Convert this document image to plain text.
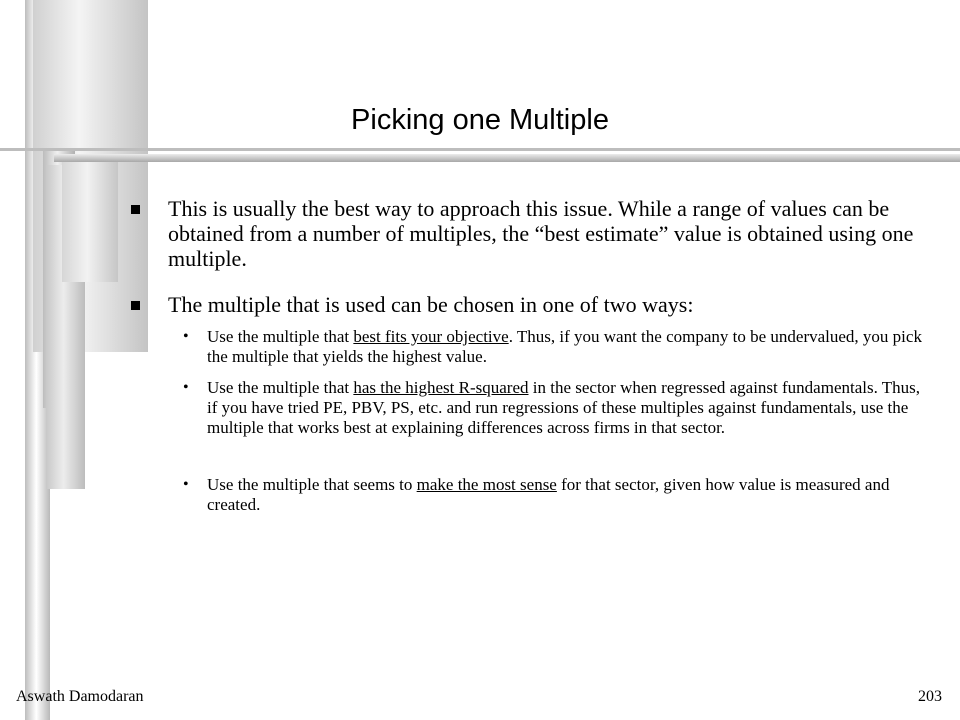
Picking one Multiple
This is usually the best way to approach this issue. While a range of values can be obtained from a number of multiples, the “best estimate” value is obtained using one multiple.
The multiple that is used can be chosen in one of two ways:
• Use the multiple that best fits your objective. Thus, if you want the company to be undervalued, you pick the multiple that yields the highest value.
• Use the multiple that has the highest R-squared in the sector when regressed against fundamentals. Thus, if you have tried PE, PBV, PS, etc. and run regressions of these multiples against fundamentals, use the multiple that works best at explaining differences across firms in that sector.
• Use the multiple that seems to make the most sense for that sector, given how value is measured and created.
Aswath Damodaran	203
